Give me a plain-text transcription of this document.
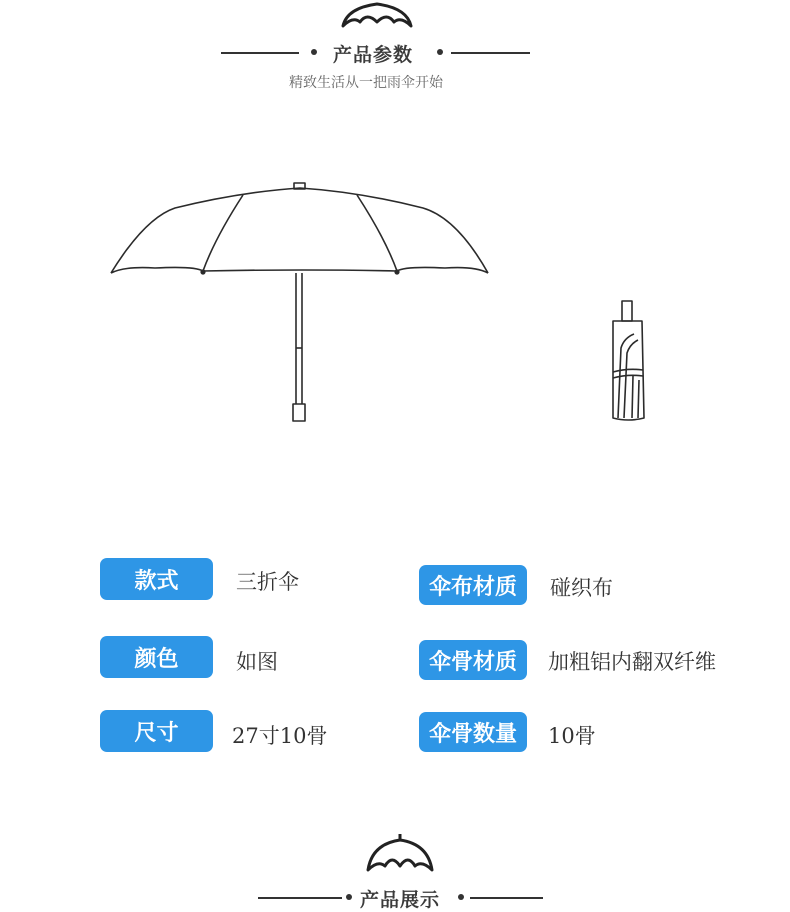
产品参数
精致生活从一把雨伞开始
款式	三折伞
颜色	如图
尺寸	27寸10骨
伞布材质	碰织布
伞骨材质	加粗铝内翻双纤维
伞骨数量	10骨
产品展示
